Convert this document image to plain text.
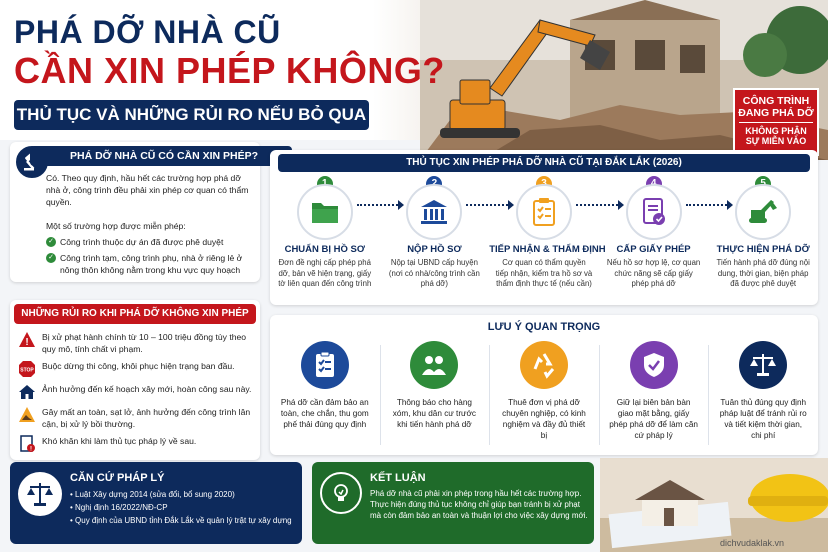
PHÁ DỠ NHÀ CŨ
CẦN XIN PHÉP KHÔNG?
THỦ TỤC VÀ NHỮNG RỦI RO NẾU BỎ QUA
CÔNG TRÌNH ĐANG PHÁ DỠ
KHÔNG PHẬN SỰ MIỄN VÀO
PHÁ DỠ NHÀ CŨ CÓ CẦN XIN PHÉP?
Có. Theo quy định, hầu hết các trường hợp phá dỡ nhà ở, công trình đều phải xin phép cơ quan có thẩm quyền.
Một số trường hợp được miễn phép:
✓ Công trình thuộc dự án đã được phê duyệt
✓ Công trình tạm, công trình phụ, nhà ở riêng lẻ ở nông thôn không nằm trong khu vực quy hoạch
NHỮNG RỦI RO KHI PHÁ DỠ KHÔNG XIN PHÉP
! Bị xử phạt hành chính từ 10 – 100 triệu đồng tùy theo quy mô, tính chất vi phạm.
STOP Buộc dừng thi công, khôi phục hiện trạng ban đầu.
Ảnh hưởng đến kế hoạch xây mới, hoàn công sau này.
Gây mất an toàn, sạt lở, ảnh hưởng đến công trình lân cận, bị xử lý bồi thường.
!
Khó khăn khi làm thủ tục pháp lý về sau.
CĂN CỨ PHÁP LÝ
• Luật Xây dựng 2014 (sửa đổi, bổ sung 2020)
• Nghị định 16/2022/NĐ-CP
• Quy định của UBND tỉnh Đắk Lắk về quản lý trật tự xây dựng
KẾT LUẬN
Phá dỡ nhà cũ phải xin phép trong hầu hết các trường hợp. Thực hiện đúng thủ tục không chỉ giúp bạn tránh bị xử phạt mà còn đảm bảo an toàn và thuận lợi cho việc xây dựng mới.
dichvudaklak.vn
THỦ TỤC XIN PHÉP PHÁ DỠ NHÀ CŨ TẠI ĐẮK LẮK (2026)
CHUẨN BỊ HỒ SƠ
Đơn đề nghị cấp phép phá dỡ, bản vẽ hiện trạng, giấy tờ liên quan đến công trình
NỘP HỒ SƠ
Nộp tại UBND cấp huyện (nơi có nhà/công trình cần phá dỡ)
TIẾP NHẬN & THẨM ĐỊNH
Cơ quan có thẩm quyền tiếp nhận, kiểm tra hồ sơ và thẩm định thực tế (nếu cần)
CẤP GIẤY PHÉP
Nếu hồ sơ hợp lệ, cơ quan chức năng sẽ cấp giấy phép phá dỡ
THỰC HIỆN PHÁ DỠ
Tiến hành phá dỡ đúng nội dung, thời gian, biện pháp đã được phê duyệt
LƯU Ý QUAN TRỌNG
Phá dỡ cần đảm bảo an toàn, che chắn, thu gom phế thải đúng quy định
Thông báo cho hàng xóm, khu dân cư trước khi tiến hành phá dỡ
Thuê đơn vị phá dỡ chuyên nghiệp, có kinh nghiệm và đầy đủ thiết bị
Giữ lại biên bản bàn giao mặt bằng, giấy phép phá dỡ để làm căn cứ pháp lý
Tuân thủ đúng quy định pháp luật để tránh rủi ro và tiết kiệm thời gian, chi phí
